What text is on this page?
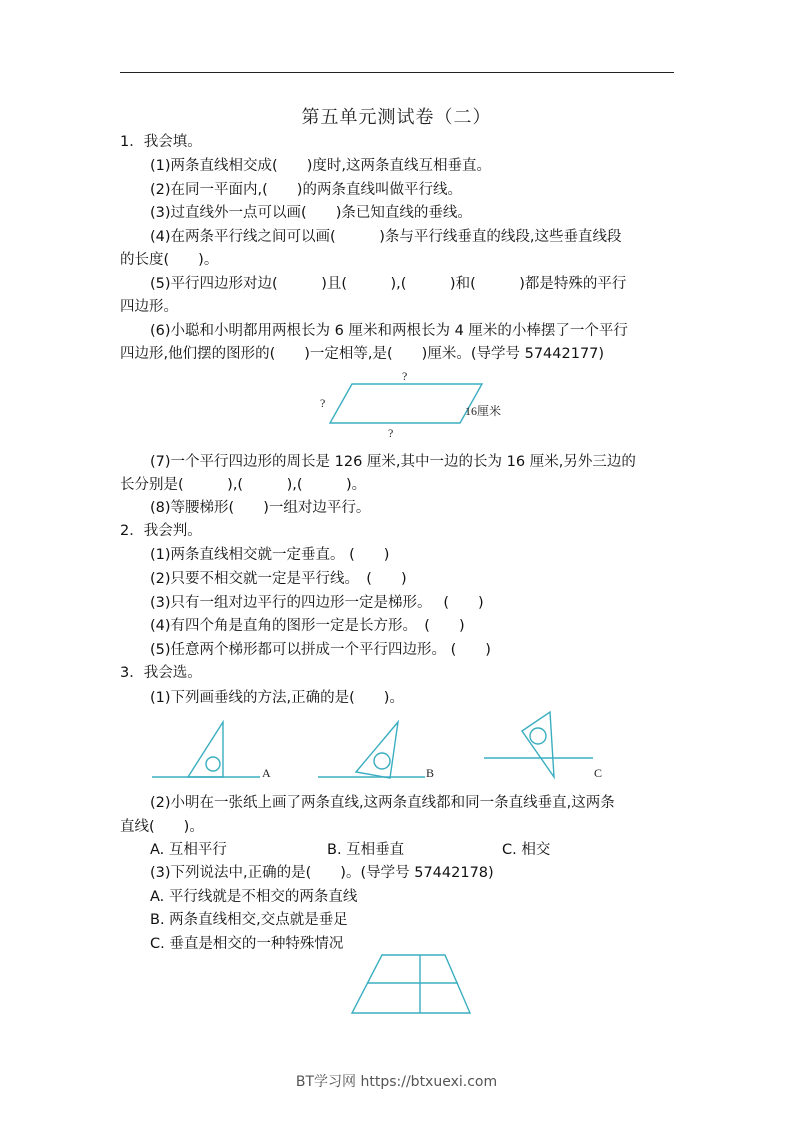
第五单元测试卷（二）
1．我会填。
(1)两条直线相交成(　　)度时,这两条直线互相垂直。
(2)在同一平面内,(　　)的两条直线叫做平行线。
(3)过直线外一点可以画(　　)条已知直线的垂线。
(4)在两条平行线之间可以画(　　　)条与平行线垂直的线段,这些垂直线段
的长度(　　)。
(5)平行四边形对边(　　　)且(　　　),(　　　)和(　　　)都是特殊的平行
四边形。
(6)小聪和小明都用两根长为 6 厘米和两根长为 4 厘米的小棒摆了一个平行
四边形,他们摆的图形的(　　)一定相等,是(　　)厘米。(导学号 57442177)
?
?
?
16厘米
(7)一个平行四边形的周长是 126 厘米,其中一边的长为 16 厘米,另外三边的
长分别是(　　　),(　　　),(　　　)。
(8)等腰梯形(　　)一组对边平行。
2．我会判。
(1)两条直线相交就一定垂直。 (　　)
(2)只要不相交就一定是平行线。　(　　)
(3)只有一组对边平行的四边形一定是梯形。　 (　　)
(4)有四个角是直角的图形一定是长方形。　(　　)
(5)任意两个梯形都可以拼成一个平行四边形。 (　　)
3．我会选。
(1)下列画垂线的方法,正确的是(　　)。
A	B	C
(2)小明在一张纸上画了两条直线,这两条直线都和同一条直线垂直,这两条
直线(　　)。
A. 互相平行	B. 互相垂直	C. 相交
(3)下列说法中,正确的是(　　)。(导学号 57442178)
A. 平行线就是不相交的两条直线
B. 两条直线相交,交点就是垂足
C. 垂直是相交的一种特殊情况
BT学习网 https://btxuexi.com
